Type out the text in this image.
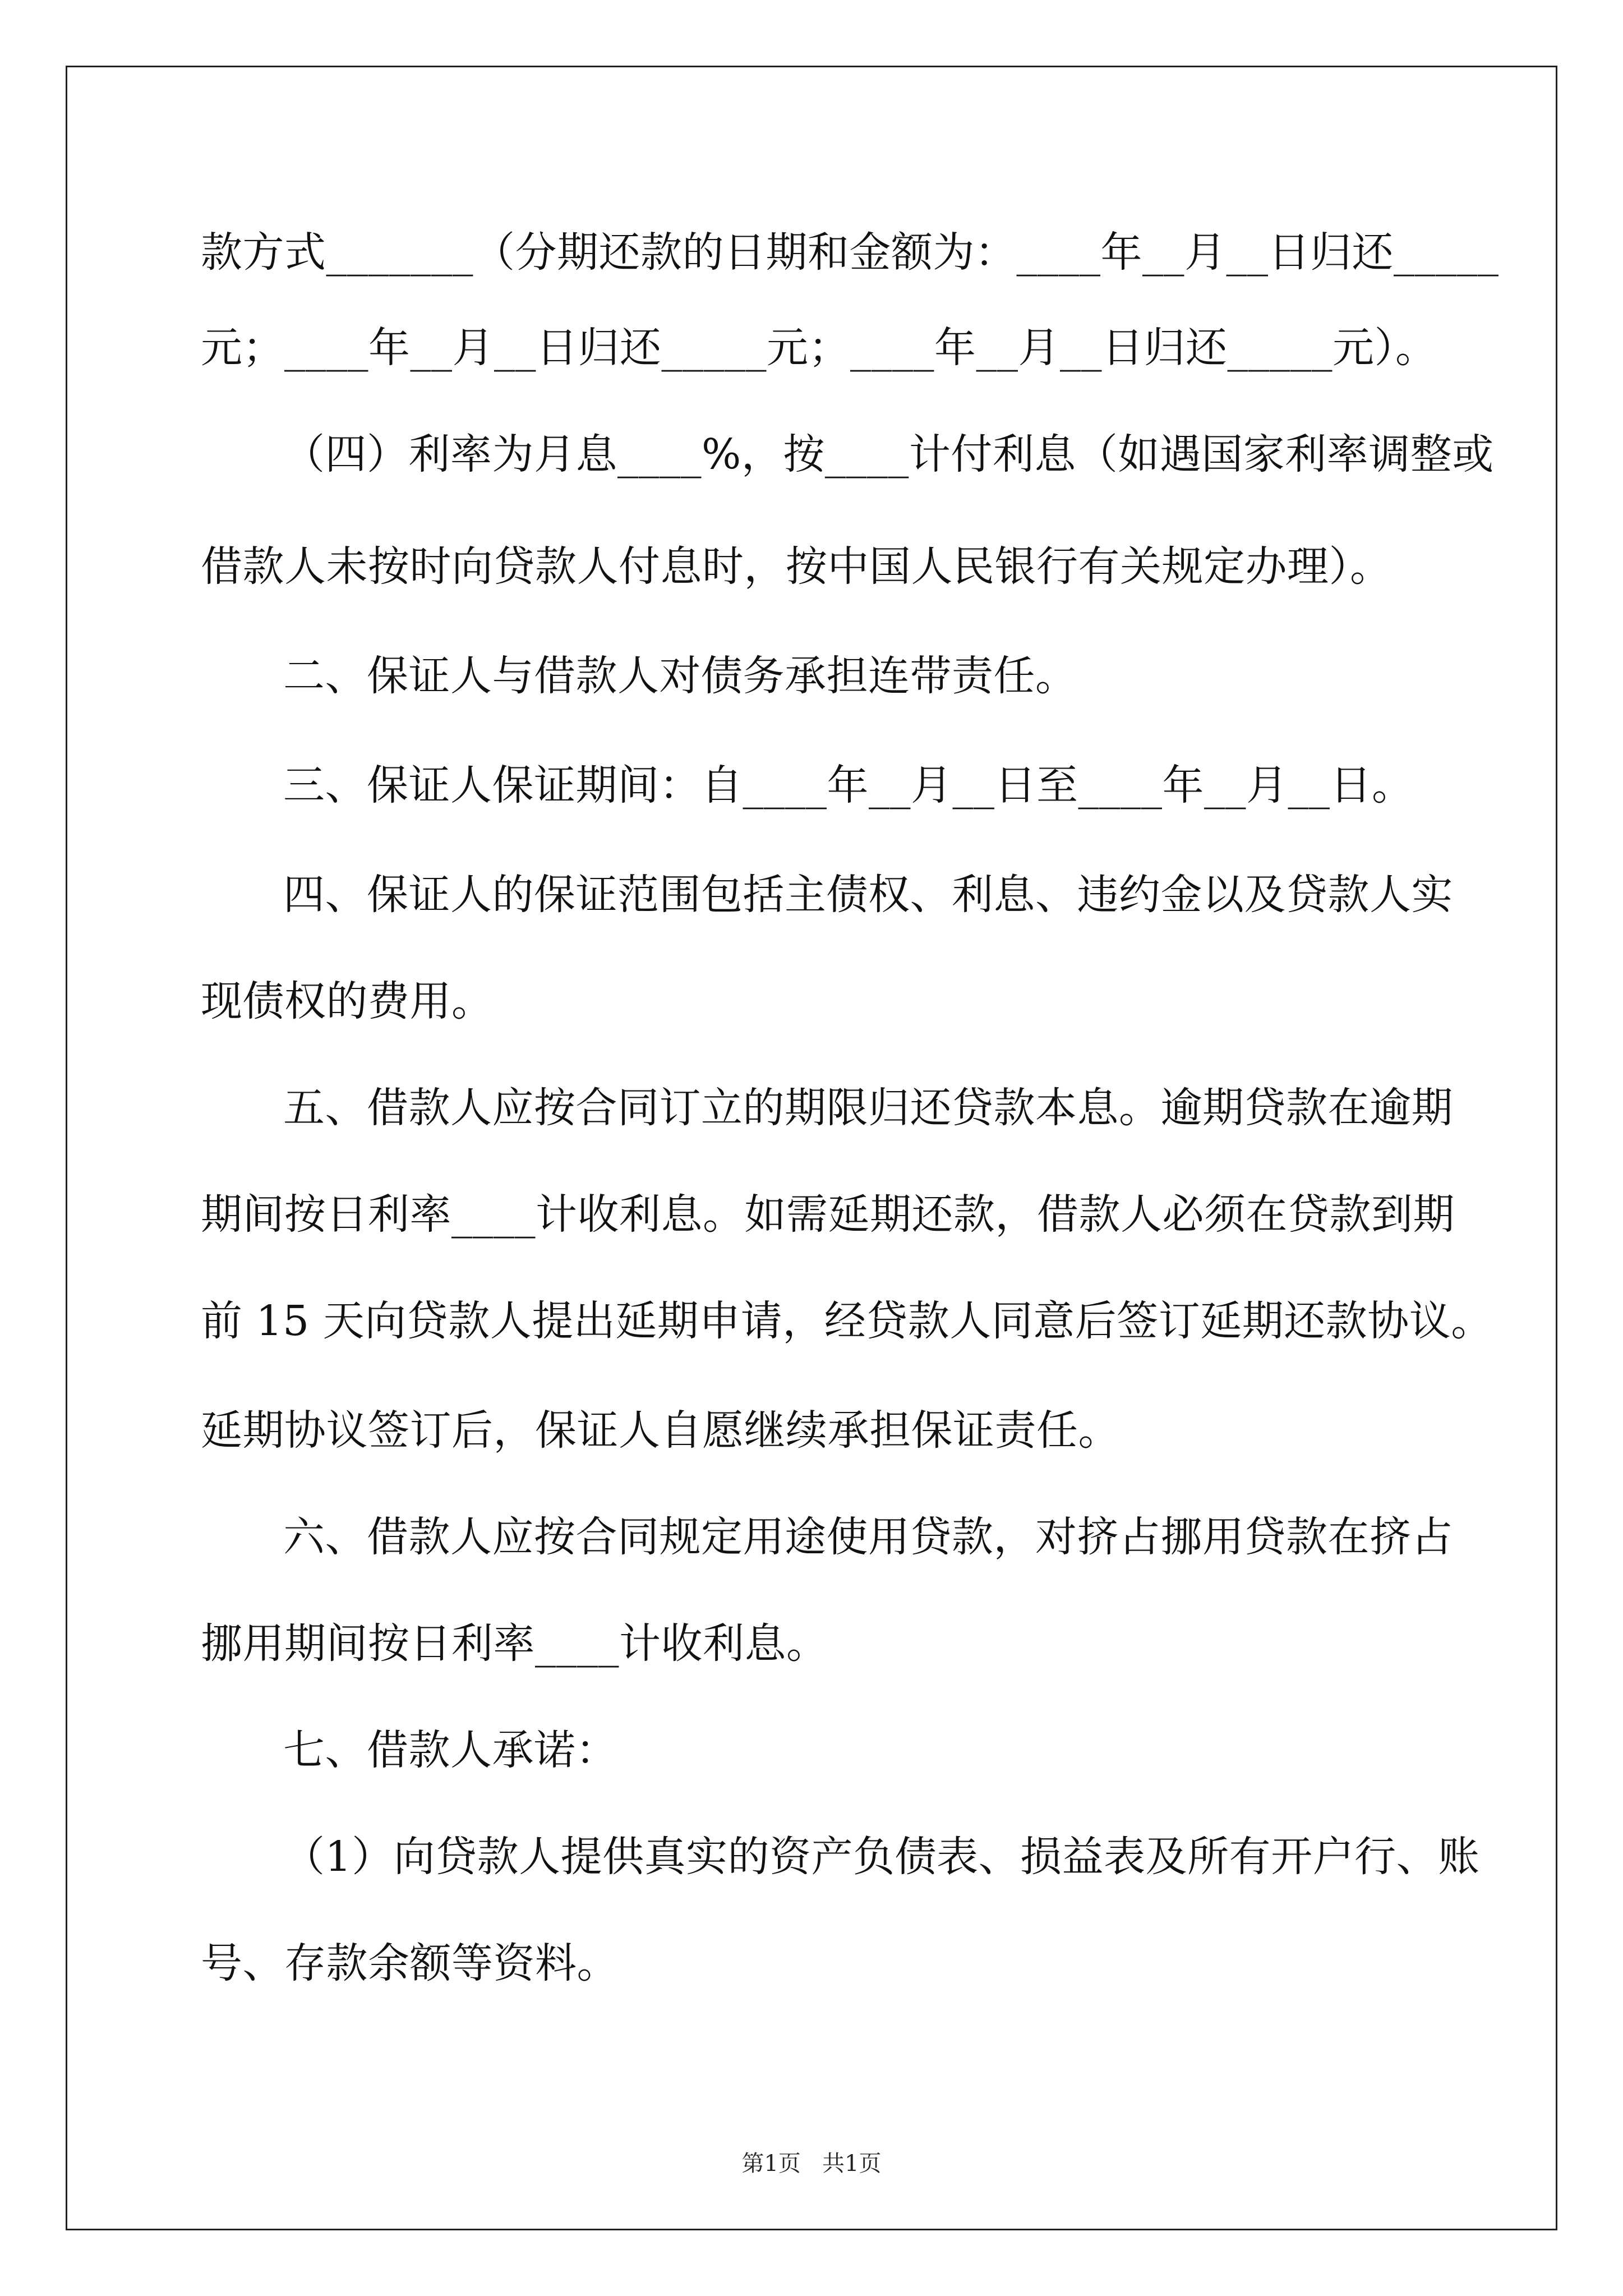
款方式_______（分期还款的日期和金额为：____年__月__日归还_____
元；____年__月__日归还_____元；____年__月__日归还_____元）。
（四）利率为月息____%，按____计付利息（如遇国家利率调整或
借款人未按时向贷款人付息时，按中国人民银行有关规定办理）。
二、保证人与借款人对债务承担连带责任。
三、保证人保证期间：自____年__月__日至____年__月__日。
四、保证人的保证范围包括主债权、利息、违约金以及贷款人实
现债权的费用。
五、借款人应按合同订立的期限归还贷款本息。逾期贷款在逾期
期间按日利率____计收利息。如需延期还款，借款人必须在贷款到期
前 15 天向贷款人提出延期申请，经贷款人同意后签订延期还款协议。
延期协议签订后，保证人自愿继续承担保证责任。
六、借款人应按合同规定用途使用贷款，对挤占挪用贷款在挤占
挪用期间按日利率____计收利息。
七、借款人承诺：
（1）向贷款人提供真实的资产负债表、损益表及所有开户行、账
号、存款余额等资料。
第1页   共1页
